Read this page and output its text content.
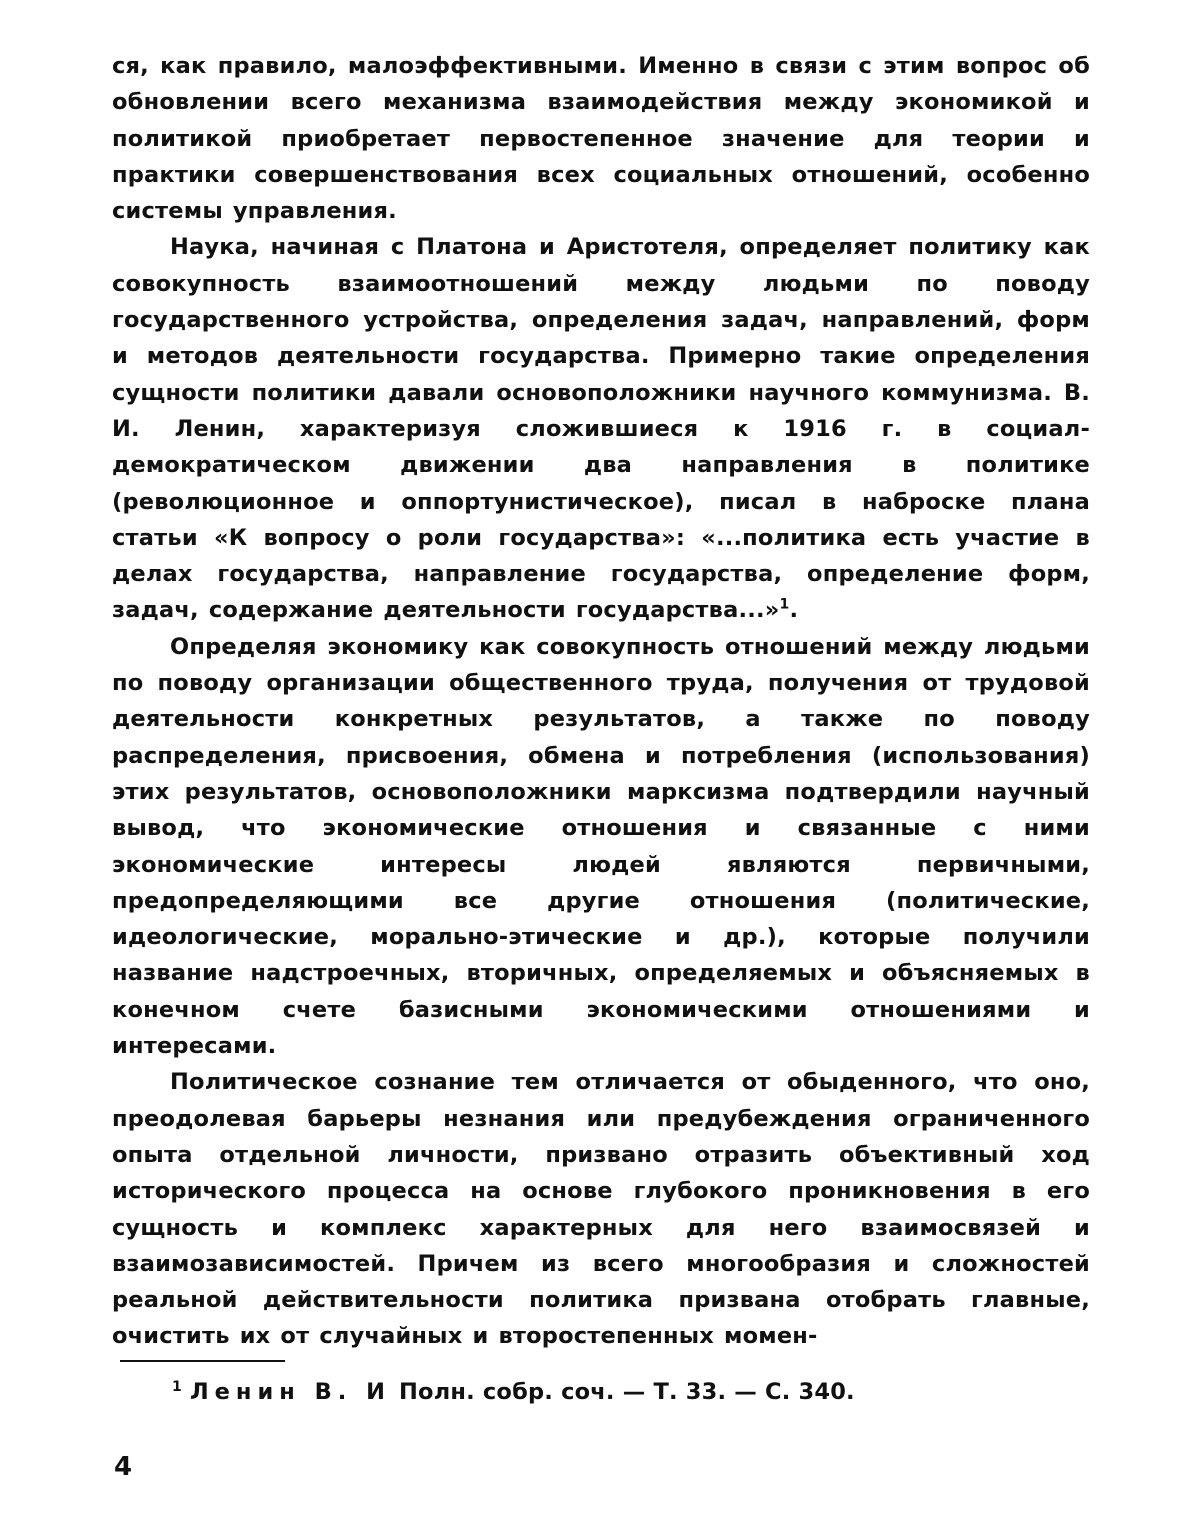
ся, как правило, малоэффективными. Именно в связи с этим вопрос об обновлении всего механизма взаимодействия между экономикой и политикой приобретает первостепенное значение для теории и практики совершенствования всех социальных отношений, особенно системы управления.

Наука, начиная с Платона и Аристотеля, определяет политику как совокупность взаимоотношений между людьми по поводу государственного устройства, определения задач, направлений, форм и методов деятельности государства. Примерно такие определения сущности политики давали основоположники научного коммунизма. В. И. Ленин, характеризуя сложившиеся к 1916 г. в социал-демократическом движении два направления в политике (революционное и оппортунистическое), писал в наброске плана статьи «К вопросу о роли государства»: «...политика есть участие в делах государства, направление государства, определение форм, задач, содержание деятельности государства...»$^1$.

Определяя экономику как совокупность отношений между людьми по поводу организации общественного труда, получения от трудовой деятельности конкретных результатов, а также по поводу распределения, присвоения, обмена и потребления (использования) этих результатов, основоположники марксизма подтвердили научный вывод, что экономические отношения и связанные с ними экономические интересы людей являются первичными, предопределяющими все другие отношения (политические, идеологические, морально-этические и др.), которые получили название надстроечных, вторичных, определяемых и объясняемых в конечном счете базисными экономическими отношениями и интересами.

Политическое сознание тем отличается от обыденного, что оно, преодолевая барьеры незнания или предубеждения ограниченного опыта отдельной личности, призвано отразить объективный ход исторического процесса на основе глубокого проникновения в его сущность и комплекс характерных для него взаимосвязей и взаимозависимостей. Причем из всего многообразия и сложностей реальной действительности политика призвана отобрать главные, очистить их от случайных и второстепенных момен-

$^1$ Ленин В. И Полн. собр. соч. — Т. 33. — С. 340.
4
